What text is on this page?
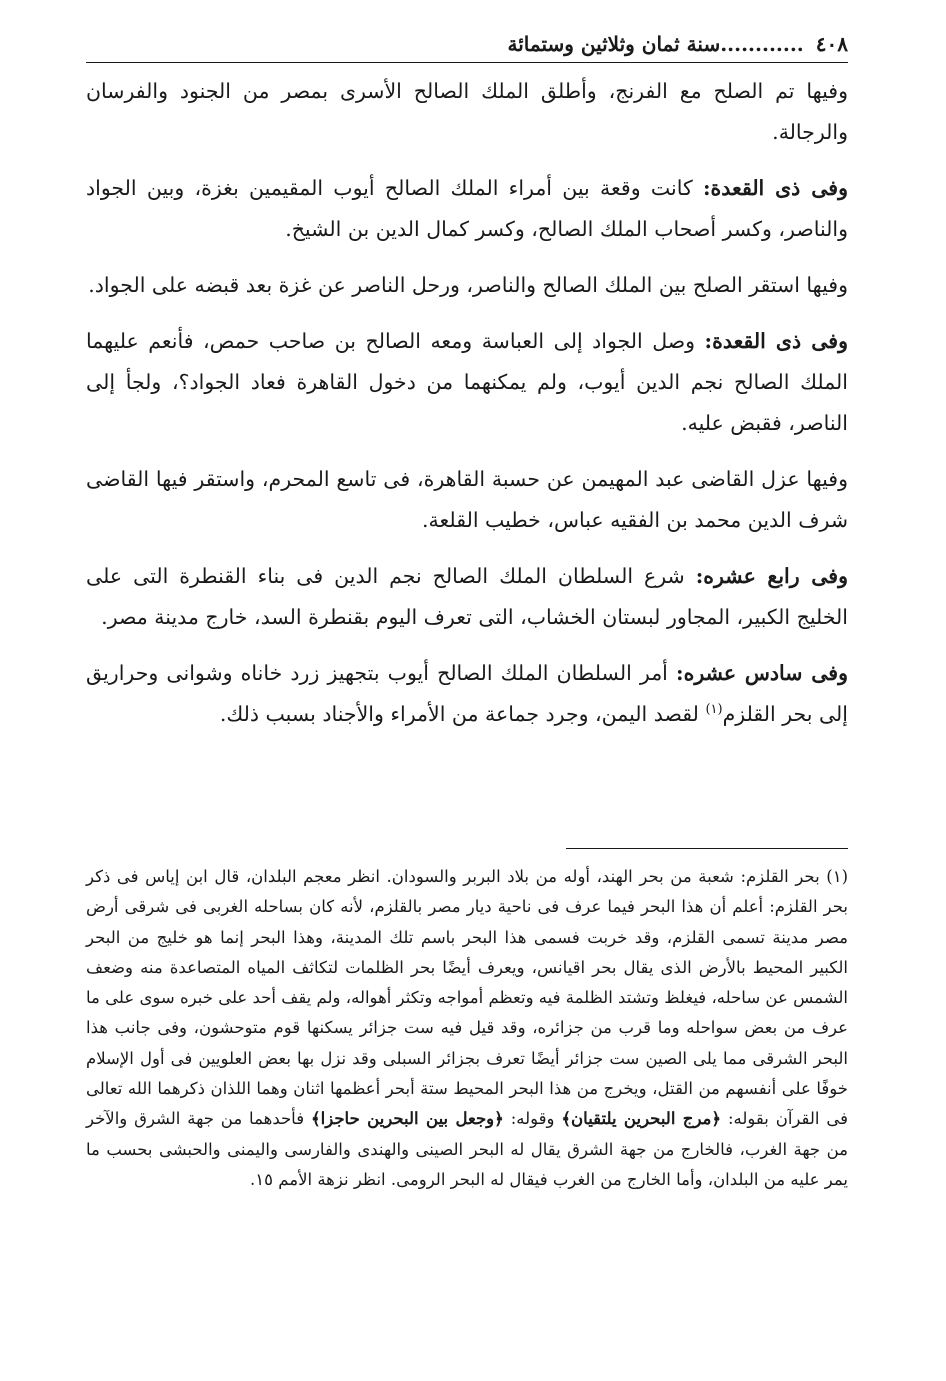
٤٠٨
............
سنة ثمان وثلاثين وستمائة

وفيها تم الصلح مع الفرنج، وأطلق الملك الصالح الأسرى بمصر من الجنود والفرسان والرجالة.

وفى ذى القعدة: كانت وقعة بين أمراء الملك الصالح أيوب المقيمين بغزة، وبين الجواد والناصر، وكسر أصحاب الملك الصالح، وكسر كمال الدين بن الشيخ.

وفيها استقر الصلح بين الملك الصالح والناصر، ورحل الناصر عن غزة بعد قبضه على الجواد.

وفى ذى القعدة: وصل الجواد إلى العباسة ومعه الصالح بن صاحب حمص، فأنعم عليهما الملك الصالح نجم الدين أيوب، ولم يمكنهما من دخول القاهرة فعاد الجواد؟، ولجأ إلى الناصر، فقبض عليه.

وفيها عزل القاضى عبد المهيمن عن حسبة القاهرة، فى تاسع المحرم، واستقر فيها القاضى شرف الدين محمد بن الفقيه عباس، خطيب القلعة.

وفى رابع عشره: شرع السلطان الملك الصالح نجم الدين فى بناء القنطرة التى على الخليج الكبير، المجاور لبستان الخشاب، التى تعرف اليوم بقنطرة السد، خارج مدينة مصر.

وفى سادس عشره: أمر السلطان الملك الصالح أيوب بتجهيز زرد خاناه وشوانى وحراريق إلى بحر القلزم$^{(١)}$ لقصد اليمن، وجرد جماعة من الأمراء والأجناد بسبب ذلك.

(١) بحر القلزم: شعبة من بحر الهند، أوله من بلاد البربر والسودان. انظر معجم البلدان، قال ابن إياس فى ذكر بحر القلزم: أعلم أن هذا البحر فيما عرف فى ناحية ديار مصر بالقلزم، لأنه كان بساحله الغربى فى شرقى أرض مصر مدينة تسمى القلزم، وقد خربت فسمى هذا البحر باسم تلك المدينة، وهذا البحر إنما هو خليج من البحر الكبير المحيط بالأرض الذى يقال بحر اقيانس، ويعرف أيضًا بحر الظلمات لتكاثف المياه المتصاعدة منه وضعف الشمس عن ساحله، فيغلظ وتشتد الظلمة فيه وتعظم أمواجه وتكثر أهواله، ولم يقف أحد على خبره سوى على ما عرف من بعض سواحله وما قرب من جزائره، وقد قيل فيه ست جزائر يسكنها قوم متوحشون، وفى جانب هذا البحر الشرقى مما يلى الصين ست جزائر أيضًا تعرف بجزائر السبلى وقد نزل بها بعض العلويين فى أول الإسلام خوفًا على أنفسهم من القتل، ويخرج من هذا البحر المحيط ستة أبحر أعظمها اثنان وهما اللذان ذكرهما الله تعالى فى القرآن بقوله: ﴿مرج البحرين يلتقيان﴾ وقوله: ﴿وجعل بين البحرين حاجزا﴾ فأحدهما من جهة الشرق والآخر من جهة الغرب، فالخارج من جهة الشرق يقال له البحر الصينى والهندى والفارسى واليمنى والحبشى بحسب ما يمر عليه من البلدان، وأما الخارج من الغرب فيقال له البحر الرومى. انظر نزهة الأمم ١٥.
